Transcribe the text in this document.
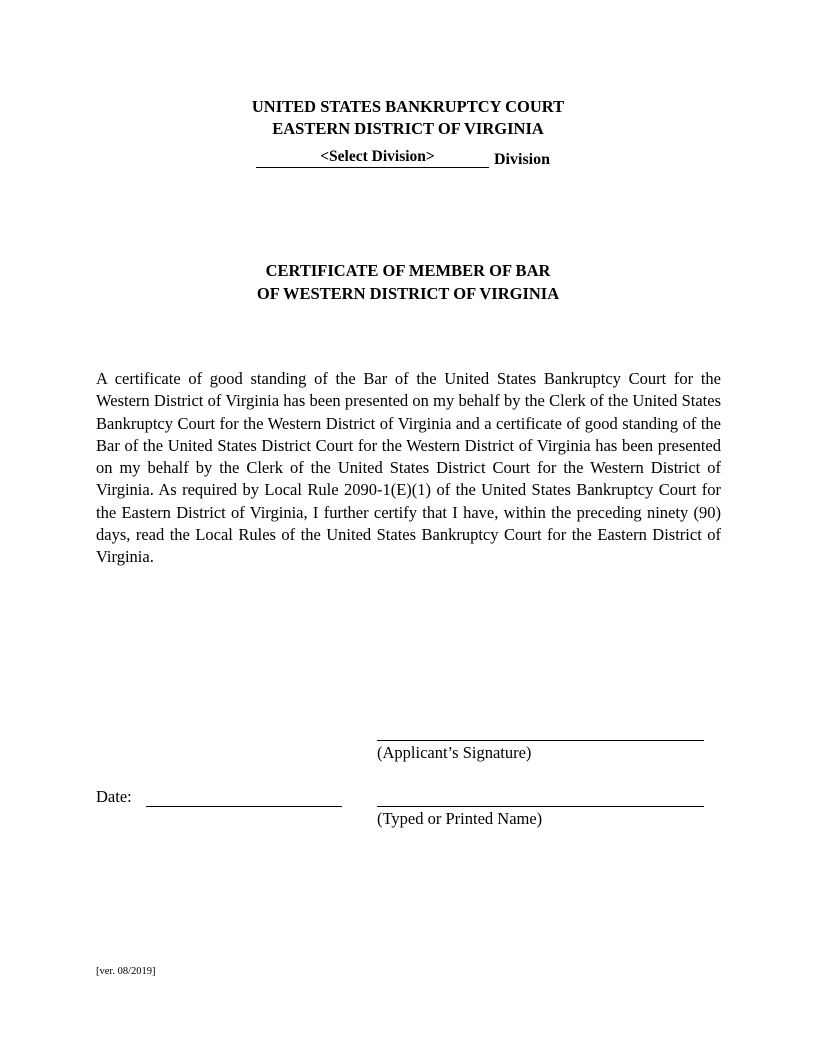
UNITED STATES BANKRUPTCY COURT
EASTERN DISTRICT OF VIRGINIA
<Select Division>	Division
CERTIFICATE OF MEMBER OF BAR
OF WESTERN DISTRICT OF VIRGINIA
A certificate of good standing of the Bar of the United States Bankruptcy Court for the Western District of Virginia has been presented on my behalf by the Clerk of the United States Bankruptcy Court for the Western District of Virginia and a certificate of good standing of the Bar of the United States District Court for the Western District of Virginia has been presented on my behalf by the Clerk of the United States District Court for the Western District of Virginia. As required by Local Rule 2090-1(E)(1) of the United States Bankruptcy Court for the Eastern District of Virginia, I further certify that I have, within the preceding ninety (90) days, read the Local Rules of the United States Bankruptcy Court for the Eastern District of Virginia.
(Applicant’s Signature)
Date:
(Typed or Printed Name)
[ver. 08/2019]
